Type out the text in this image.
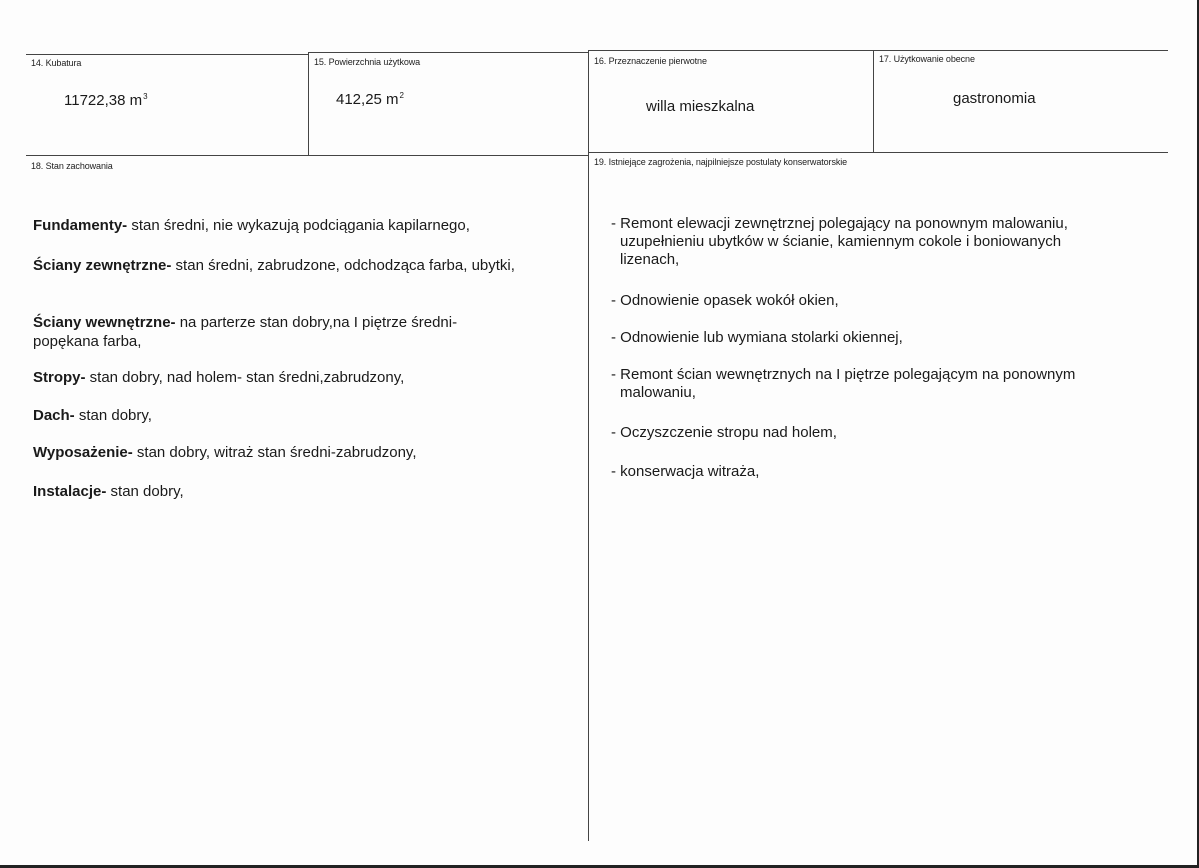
14. Kubatura
11722,38 $m^3$
15. Powierzchnia użytkowa
412,25 $m^2$
16. Przeznaczenie pierwotne
willa mieszkalna
17. Użytkowanie obecne
gastronomia
18. Stan zachowania
Fundamenty- stan średni, nie wykazują podciągania kapilarnego,
Ściany zewnętrzne- stan średni, zabrudzone, odchodząca farba, ubytki,
Ściany wewnętrzne- na parterze stan dobry,na I piętrze średni- popękana farba,
Stropy- stan dobry, nad holem- stan średni,zabrudzony,
Dach- stan dobry,
Wyposażenie- stan dobry, witraż stan średni-zabrudzony,
Instalacje- stan dobry,
19. Istniejące zagrożenia, najpilniejsze postulaty konserwatorskie
- Remont elewacji zewnętrznej polegający na ponownym malowaniu,
uzupełnieniu ubytków w ścianie, kamiennym cokole i boniowanych
lizenach,
- Odnowienie opasek wokół okien,
- Odnowienie lub wymiana stolarki okiennej,
- Remont ścian wewnętrznych na I piętrze polegającym na ponownym
malowaniu,
- Oczyszczenie stropu nad holem,
- konserwacja witraża,
